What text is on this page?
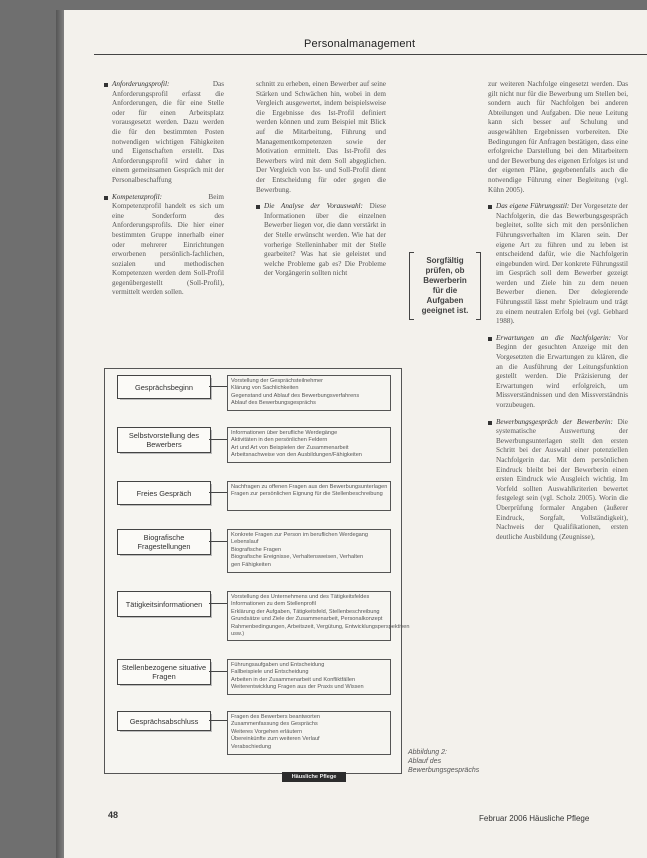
Personalmanagement

Anforderungsprofil:	Das Anforderungsprofil erfasst die Anforderungen, die für eine Stelle oder für einen Arbeitsplatz vorausgesetzt werden. Dazu werden die für den bestimmten Posten notwendigen wichtigen Fähigkeiten und Eigenschaften erstellt. Das Anforderungsprofil wird daher in einem gemeinsamen Gespräch mit der Personalbeschaffung

Kompetenzprofil:	Beim Kompetenzprofil handelt es sich um eine Sonderform des Anforderungsprofils. Die hier einer bestimmten Gruppe innerhalb einer oder mehrerer Einrichtungen erworbenen persönlich-fachlichen, sozialen und methodischen Kompetenzen werden dem Soll-Profil gegenübergestellt (Soll-Profil), vermittelt werden sollen.

schnitt zu erheben, einen Bewerber auf seine Stärken und Schwächen hin, wobei in dem Vergleich ausgewertet, indem beispielsweise die Ergebnisse des Ist-Profil definiert werden können und zum Beispiel mit Blick auf die Mitarbeitung, Führung und Managementkompetenzen sowie der Motivation ermittelt. Das Ist-Profil des Bewerbers wird mit dem Soll abgeglichen. Der Vergleich von Ist- und Soll-Profil dient der Entscheidung für oder gegen die Bewerbung.

Die Analyse der Vorauswahl: Diese Informationen über die einzelnen Bewerber liegen vor, die dann verstärkt in der Stelle erwünscht werden. Wie hat der vorherige Stelleninhaber mit der Stelle gearbeitet? Was hat sie geleistet und welche Probleme gab es? Die Probleme der Vorgängerin sollten nicht

Sorgfältig prüfen, ob Bewerberin für die Aufgaben geeignet ist.

zur weiteren Nachfolge eingesetzt werden. Das gilt nicht nur für die Bewerbung um Stellen bei, sondern auch für Nachfolgen bei anderen Abteilungen und Aufgaben. Die neue Leitung kann sich besser auf Schulung und ausgewählten Ergebnissen vorbereiten. Die Bedingungen für Anfragen bestätigen, dass eine erfolgreiche Darstellung bei den Mitarbeitern und der Bewerbung des eigenen Erfolges ist und der eigenen Pläne, gegebenenfalls auch die notwendige Führung einer Begleitung (vgl. Kühn 2005).

Das eigene Führungsstil: Der Vorgesetzte der Nachfolgerin, die das Bewerbungsgespräch begleitet, sollte sich mit den persönlichen Führungsverhalten im Klaren sein. Der eigene Art zu führen und zu leben ist entscheidend dafür, wie die Nachfolgerin eingebunden wird. Der konkrete Führungsstil im Gespräch soll dem Bewerber gezeigt werden und Ziele hin zu dem neuen Bewerber dienen. Der delegierende Führungsstil lässt mehr Spielraum und trägt zu einem neutralen Erfolg bei (vgl. Gebhard 1988).

Erwartungen an die Nachfolgerin: Vor Beginn der gesuchten Anzeige mit den Vorgesetzten die Erwartungen zu klären, die an die Ausführung der Leitungsfunktion gestellt werden. Die Präzisierung der Erwartungen wird erfolgreich, um Missverständnissen und den Missverständnis vorzubeugen.

Bewerbungsgespräch der Bewerberin: Die systematische Auswertung der Bewerbungsunterlagen stellt den ersten Schritt bei der Auswahl einer potenziellen Nachfolgerin dar. Mit dem persönlichen Eindruck bleibt bei der Bewerberin einen ersten Eindruck wie Ausgleich wichtig. Im Vorfeld sollten Auswahlkriterien bewertet festgelegt sein (vgl. Scholz 2005). Worin die Überprüfung formaler Angaben (äußerer Eindruck, Sorgfalt, Vollständigkeit), Nachweis der Qualifikationen, ersten deutliche Ausbildung (Zeugnisse),

Gesprächsbeginn
Vorstellung der Gesprächsteilnehmer
Klärung von Sachlichkeiten
Gegenstand und Ablauf des Bewerbungsverfahrens
Ablauf des Bewerbungsgesprächs
Selbstvorstellung des Bewerbers
Informationen über berufliche Werdegänge
Aktivitäten in den persönlichen Feldern
Art und Art von Beispielen der Zusammenarbeit
Arbeitsnachweise von den Ausbildungen/Fähigkeiten
Freies Gespräch
Nachfragen zu offenen Fragen aus den Bewerbungsunterlagen
Fragen zur persönlichen Eignung für die Stellenbeschreibung
Biografische Fragestellungen
Konkrete Fragen zur Person im beruflichen Werdegang
Lebenslauf
Biografische Fragen
Biografische Ereignisse, Verhaltensweisen, Verhalten
gen Fähigkeiten
Tätigkeitsinformationen
Vorstellung des Unternehmens und des Tätigkeitsfeldes
Informationen zu dem Stellenprofil
Erklärung der Aufgaben, Tätigkeitsfeld, Stellenbeschreibung
Grundsätze und Ziele der Zusammenarbeit, Personalkonzept
Rahmenbedingungen, Arbeitszeit, Vergütung, Entwicklungsperspektiven
usw.)
Stellenbezogene situative Fragen
Führungsaufgaben und Entscheidung
Fallbeispiele und Entscheidung
Arbeiten in der Zusammenarbeit und Konfliktfällen
Weiterentwicklung Fragen aus der Praxis und Wissen
Gesprächsabschluss	Fragen des Bewerbers beantworten
Zusammenfassung des Gesprächs
Weiteres Vorgehen erläutern
Übereinkünfte zum weiteren Verlauf
Verabschiedung
Häusliche Pflege
Abbildung 2: Ablauf des Bewerbungsgesprächs
48	Februar 2006 Häusliche Pflege
